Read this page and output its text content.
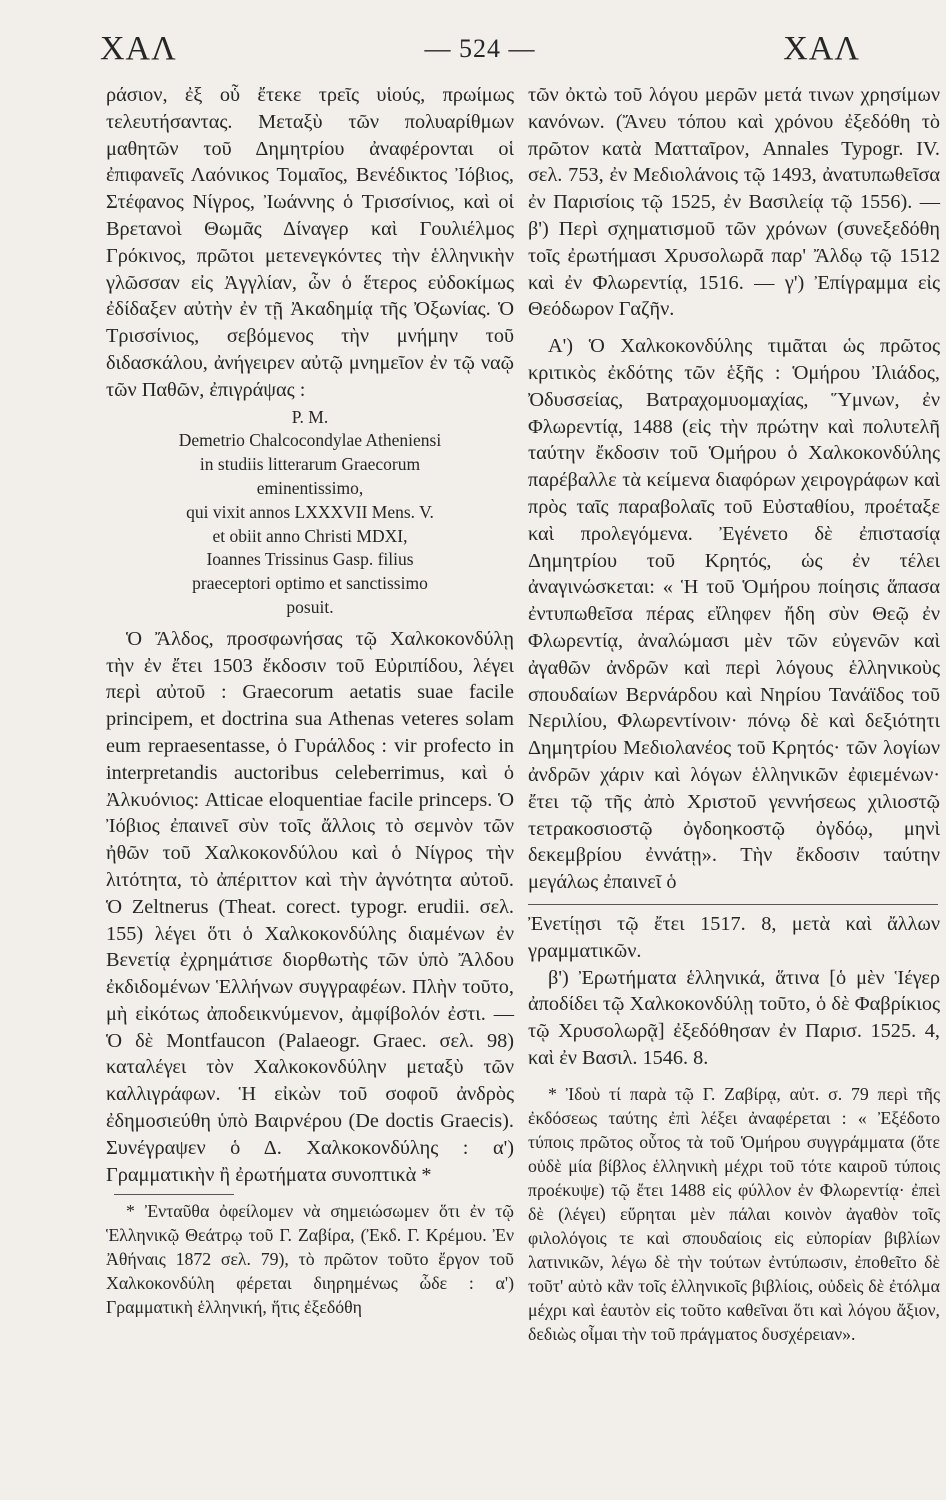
ΧΑΛ	— 524 —	ΧΑΛ

ράσιον, ἐξ οὗ ἔτεκε τρεῖς υἱούς, πρωίμως τελευτήσαντας. Μεταξὺ τῶν πολυαρίθμων μαθητῶν τοῦ Δημητρίου ἀναφέρονται οἱ ἐπιφανεῖς Λαόνικος Τομαῖος, Βενέδικτος Ἰόβιος, Στέφανος Νίγρος, Ἰωάννης ὁ Τρισσίνιος, καὶ οἱ Βρετανοὶ Θωμᾶς Δίναγερ καὶ Γουλιέλμος Γρόκινος, πρῶτοι μετενεγκόντες τὴν ἑλληνικὴν γλῶσσαν εἰς Ἀγγλίαν, ὧν ὁ ἕτερος εὐδοκίμως ἐδίδαξεν αὐτὴν ἐν τῇ Ἀκαδημίᾳ τῆς Ὀξωνίας. Ὁ Τρισσίνιος, σεβόμενος τὴν μνήμην τοῦ διδασκάλου, ἀνήγειρεν αὐτῷ μνημεῖον ἐν τῷ ναῷ τῶν Παθῶν, ἐπιγράψας :

P. M.
Demetrio Chalcocondylae Atheniensi
in studiis litterarum Graecorum
eminentissimo,
qui vixit annos LXXXVII Mens. V.
et obiit anno Christi MDXI,
Ioannes Trissinus Gasp. filius
praeceptori optimo et sanctissimo
posuit.

Ὁ Ἄλδος, προσφωνήσας τῷ Χαλκοκονδύλῃ τὴν ἐν ἔτει 1503 ἔκδοσιν τοῦ Εὐριπίδου, λέγει περὶ αὐτοῦ : Graecorum aetatis suae facile principem, et doctrina sua Athenas veteres solam eum repraesentasse, ὁ Γυράλδος : vir profecto in interpretandis auctoribus celeberrimus, καὶ ὁ Ἀλκυόνιος: Atticae eloquentiae facile princeps. Ὁ Ἰόβιος ἐπαινεῖ σὺν τοῖς ἄλλοις τὸ σεμνὸν τῶν ἠθῶν τοῦ Χαλκοκονδύλου καὶ ὁ Νίγρος τὴν λιτότητα, τὸ ἀπέριττον καὶ τὴν ἀγνότητα αὐτοῦ. Ὁ Zeltnerus (Theat. corect. typogr. erudii. σελ. 155) λέγει ὅτι ὁ Χαλκοκονδύλης διαμένων ἐν Βενετίᾳ ἐχρημάτισε διορθωτὴς τῶν ὑπὸ Ἄλδου ἐκδιδομένων Ἑλλήνων συγγραφέων. Πλὴν τοῦτο, μὴ εἰκότως ἀποδεικνύμενον, ἀμφίβολόν ἐστι. — Ὁ δὲ Montfaucon (Palaeogr. Graec. σελ. 98) καταλέγει τὸν Χαλκοκονδύλην μεταξὺ τῶν καλλιγράφων. Ἡ εἰκὼν τοῦ σοφοῦ ἀνδρὸς ἐδημοσιεύθη ὑπὸ Βαιρνέρου (De doctis Graecis). Συνέγραψεν ὁ Δ. Χαλκοκονδύλης : α') Γραμματικὴν ἢ ἐρωτήματα συνοπτικὰ *

* Ἐνταῦθα ὀφείλομεν νὰ σημειώσωμεν ὅτι ἐν τῷ Ἑλληνικῷ Θεάτρῳ τοῦ Γ. Ζαβίρα, (Ἐκδ. Γ. Κρέμου. Ἐν Ἀθήναις 1872 σελ. 79), τὸ πρῶτον τοῦτο ἔργον τοῦ Χαλκοκονδύλη φέρεται διηρημένως ὧδε : α') Γραμματικὴ ἑλληνική, ἥτις ἐξεδόθη

τῶν ὀκτὼ τοῦ λόγου μερῶν μετά τινων χρησίμων κανόνων. (Ἄνευ τόπου καὶ χρόνου ἐξεδόθη τὸ πρῶτον κατὰ Ματταῖρον, Annales Typogr. IV. σελ. 753, ἐν Μεδιολάνοις τῷ 1493, ἀνατυπωθεῖσα ἐν Παρισίοις τῷ 1525, ἐν Βασιλείᾳ τῷ 1556). — β') Περὶ σχηματισμοῦ τῶν χρόνων (συνεξεδόθη τοῖς ἐρωτήμασι Χρυσολωρᾶ παρ' Ἄλδῳ τῷ 1512 καὶ ἐν Φλωρεντίᾳ, 1516. — γ') Ἐπίγραμμα εἰς Θεόδωρον Γαζῆν.

Α') Ὁ Χαλκοκονδύλης τιμᾶται ὡς πρῶτος κριτικὸς ἐκδότης τῶν ἑξῆς : Ὁμήρου Ἰλιάδος, Ὀδυσσείας, Βατραχομυομαχίας, Ὕμνων, ἐν Φλωρεντίᾳ, 1488 (εἰς τὴν πρώτην καὶ πολυτελῆ ταύτην ἔκδοσιν τοῦ Ὁμήρου ὁ Χαλκοκονδύλης παρέβαλλε τὰ κείμενα διαφόρων χειρογράφων καὶ πρὸς ταῖς παραβολαῖς τοῦ Εὐσταθίου, προέταξε καὶ προλεγόμενα. Ἐγένετο δὲ ἐπιστασίᾳ Δημητρίου τοῦ Κρητός, ὡς ἐν τέλει ἀναγινώσκεται: « Ἡ τοῦ Ὁμήρου ποίησις ἅπασα ἐντυπωθεῖσα πέρας εἴληφεν ἤδη σὺν Θεῷ ἐν Φλωρεντίᾳ, ἀναλώμασι μὲν τῶν εὐγενῶν καὶ ἀγαθῶν ἀνδρῶν καὶ περὶ λόγους ἑλληνικοὺς σπουδαίων Βερνάρδου καὶ Νηρίου Τανάϊδος τοῦ Νεριλίου, Φλωρεντίνοιν· πόνῳ δὲ καὶ δεξιότητι Δημητρίου Μεδιολανέος τοῦ Κρητός· τῶν λογίων ἀνδρῶν χάριν καὶ λόγων ἑλληνικῶν ἐφιεμένων· ἔτει τῷ τῆς ἀπὸ Χριστοῦ γεννήσεως χιλιοστῷ τετρακοσιοστῷ ὀγδοηκοστῷ ὀγδόῳ, μηνὶ δεκεμβρίου ἐννάτῃ». Τὴν ἔκδοσιν ταύτην μεγάλως ἐπαινεῖ ὁ

Ἐνετίῃσι τῷ ἔτει 1517. 8, μετὰ καὶ ἄλλων γραμματικῶν.

β') Ἐρωτήματα ἑλληνικά, ἅτινα [ὁ μὲν Ἱέγερ ἀποδίδει τῷ Χαλκοκονδύλῃ τοῦτο, ὁ δὲ Φαβρίκιος τῷ Χρυσολωρᾷ] ἐξεδόθησαν ἐν Παρισ. 1525. 4, καὶ ἐν Βασιλ. 1546. 8.

* Ἰδοὺ τί παρὰ τῷ Γ. Ζαβίρᾳ, αὐτ. σ. 79 περὶ τῆς ἐκδόσεως ταύτης ἐπὶ λέξει ἀναφέρεται : « Ἐξέδοτο τύποις πρῶτος οὗτος τὰ τοῦ Ὁμήρου συγγράμματα (ὅτε οὐδὲ μία βίβλος ἑλληνικὴ μέχρι τοῦ τότε καιροῦ τύποις προέκυψε) τῷ ἔτει 1488 εἰς φύλλον ἐν Φλωρεντίᾳ· ἐπεὶ δὲ (λέγει) εὕρηται μὲν πάλαι κοινὸν ἀγαθὸν τοῖς φιλολόγοις τε καὶ σπουδαίοις εἰς εὐπορίαν βιβλίων λατινικῶν, λέγω δὲ τὴν τούτων ἐντύπωσιν, ἐποθεῖτο δὲ τοῦτ' αὐτὸ κἂν τοῖς ἑλληνικοῖς βιβλίοις, οὐδεὶς δὲ ἐτόλμα μέχρι καὶ ἑαυτὸν εἰς τοῦτο καθεῖναι ὅτι καὶ λόγου ἄξιον, δεδιὼς οἶμαι τὴν τοῦ πράγματος δυσχέρειαν».
